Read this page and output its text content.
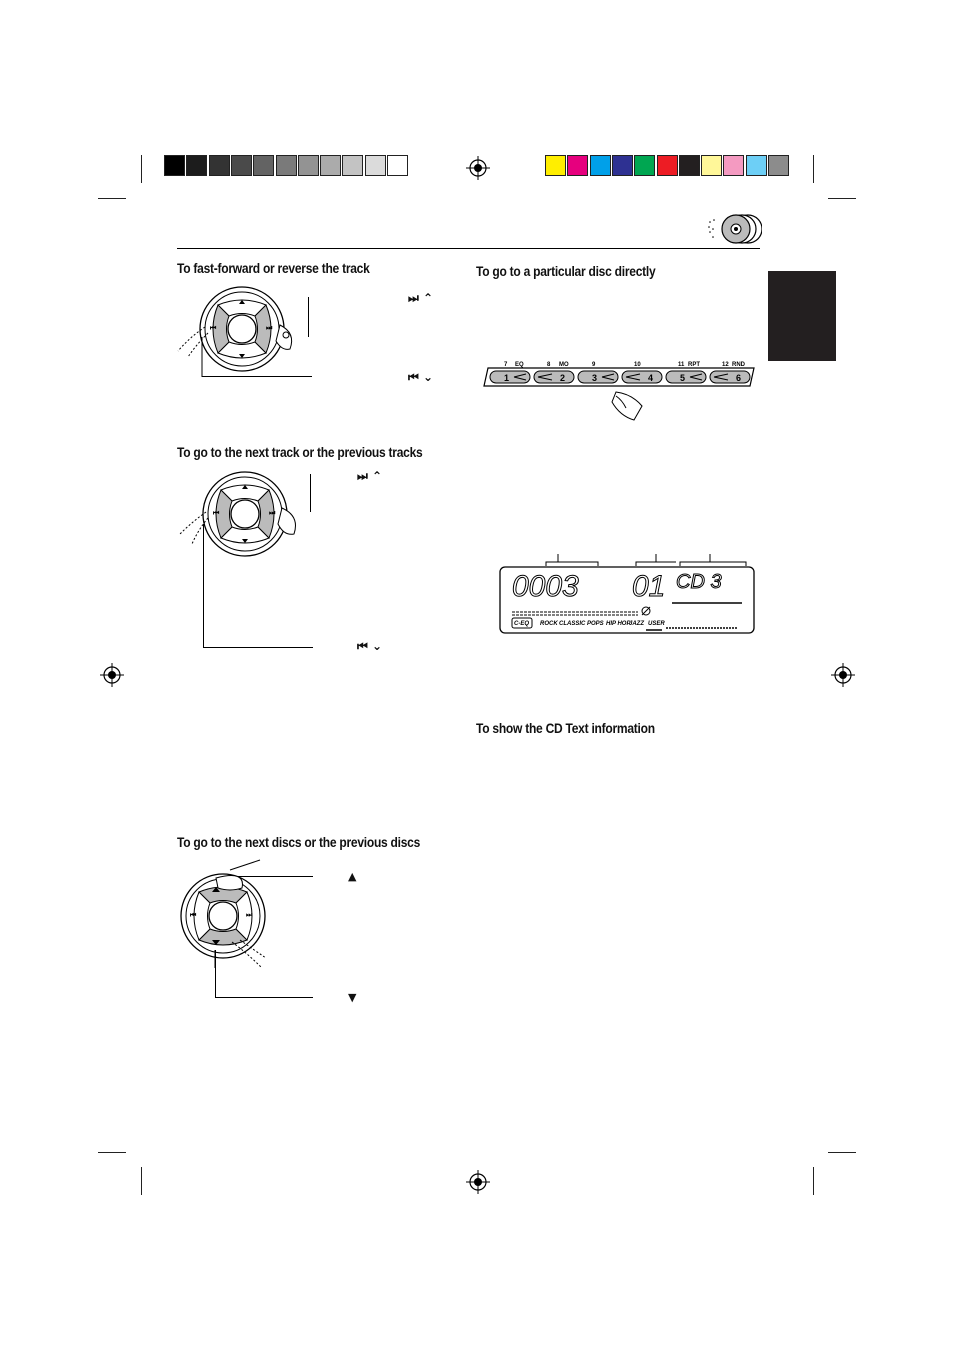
To fast-forward or reverse the track
To go to the next track or the previous tracks
To go to the next discs or the previous discs
To go to a particular disc directly
To show the CD Text information
⏮	⏭
⏭ ⌃
⏮ ⌄
⏮	⏭
⏭ ⌃
⏮ ⌄
⏮	⏭
▲
▼
7 EQ	8 MO	9	10	11 RPT	12 RND
1	2	3	4	5	6
0003 01 CD 3
C-EQ ROCK CLASSIC POPS HIP HOP
JAZZ USER
